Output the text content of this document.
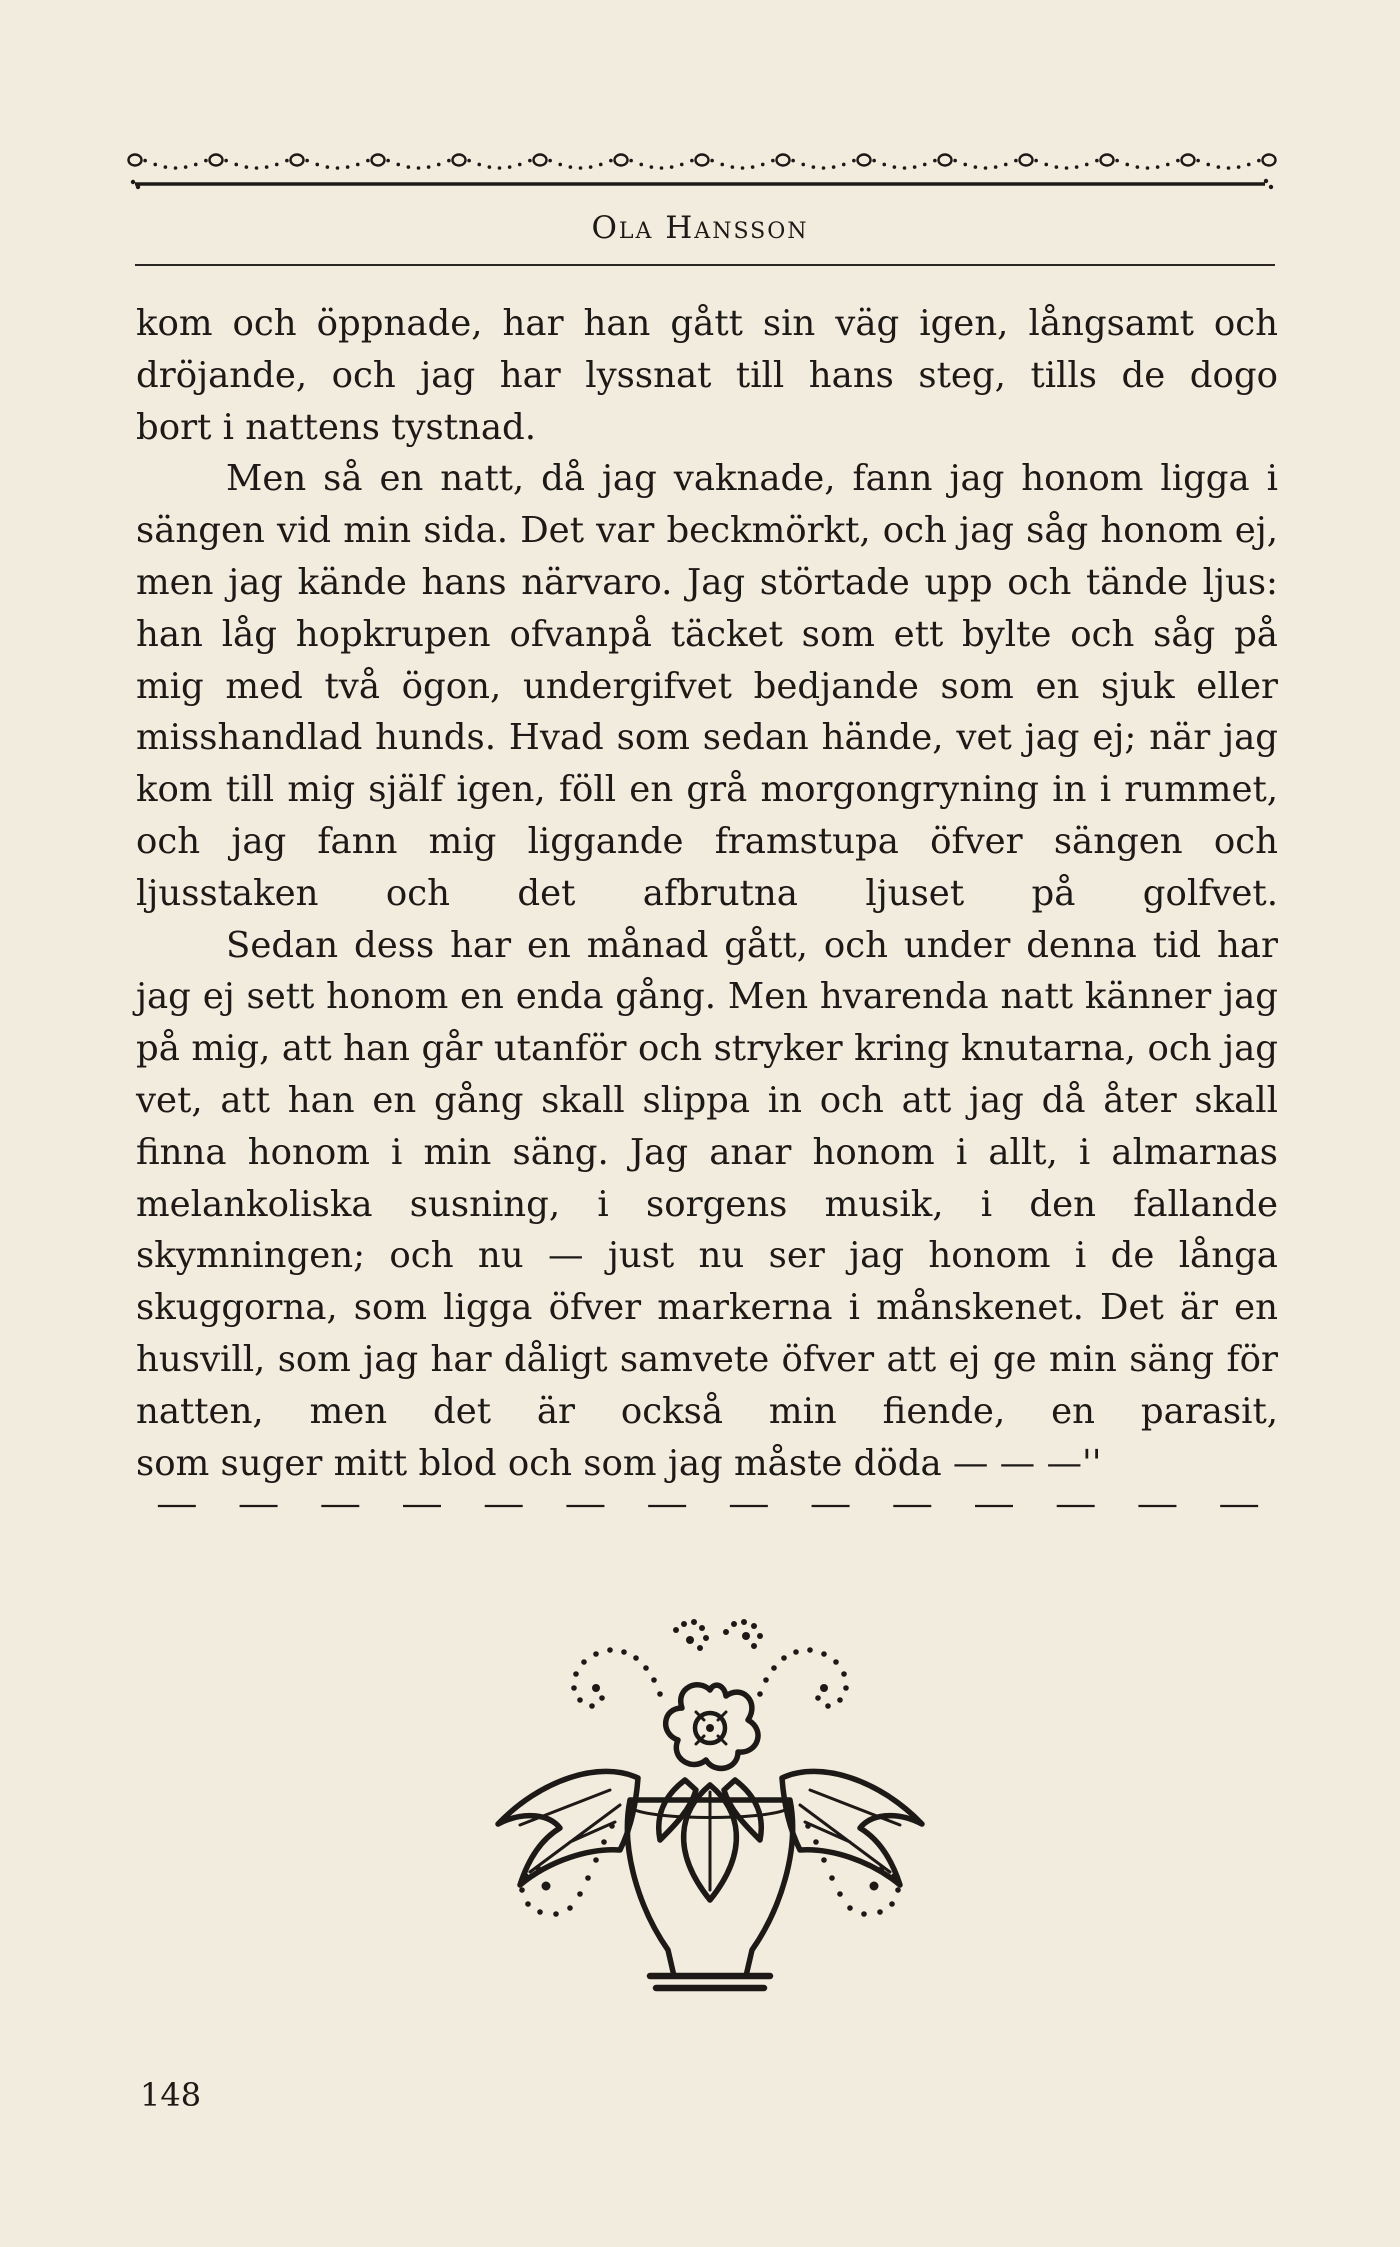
Ola Hansson

kom och öppnade, har han gått sin väg igen, långsamt och dröjande, och jag har lyssnat till hans steg, tills de dogo

bort i nattens tystnad.

Men så en natt, då jag vaknade, fann jag honom ligga i sängen vid min sida. Det var beckmörkt, och jag såg honom ej, men jag kände hans närvaro. Jag störtade upp och tände ljus: han låg hopkrupen ofvanpå täcket som ett bylte och såg på mig med två ögon, undergifvet bedjande som en sjuk eller misshandlad hunds. Hvad som sedan hände, vet jag ej; när jag kom till mig själf igen, föll en grå morgongryning in i rummet, och jag fann mig liggande framstupa öfver sängen och ljusstaken och det afbrutna ljuset på golfvet.

Sedan dess har en månad gått, och under denna tid har jag ej sett honom en enda gång. Men hvarenda natt känner jag på mig, att han går utanför och stryker kring knutarna, och jag vet, att han en gång skall slippa in och att jag då åter skall finna honom i min säng. Jag anar honom i allt, i almarnas melankoliska susning, i sorgens musik, i den fallande skymningen; och nu — just nu ser jag honom i de långa skuggorna, som ligga öfver markerna i månskenet. Det är en husvill, som jag har dåligt samvete öfver att ej ge min säng för natten, men det är också min fiende, en parasit,

som suger mitt blod och som jag måste döda — — —''

148
